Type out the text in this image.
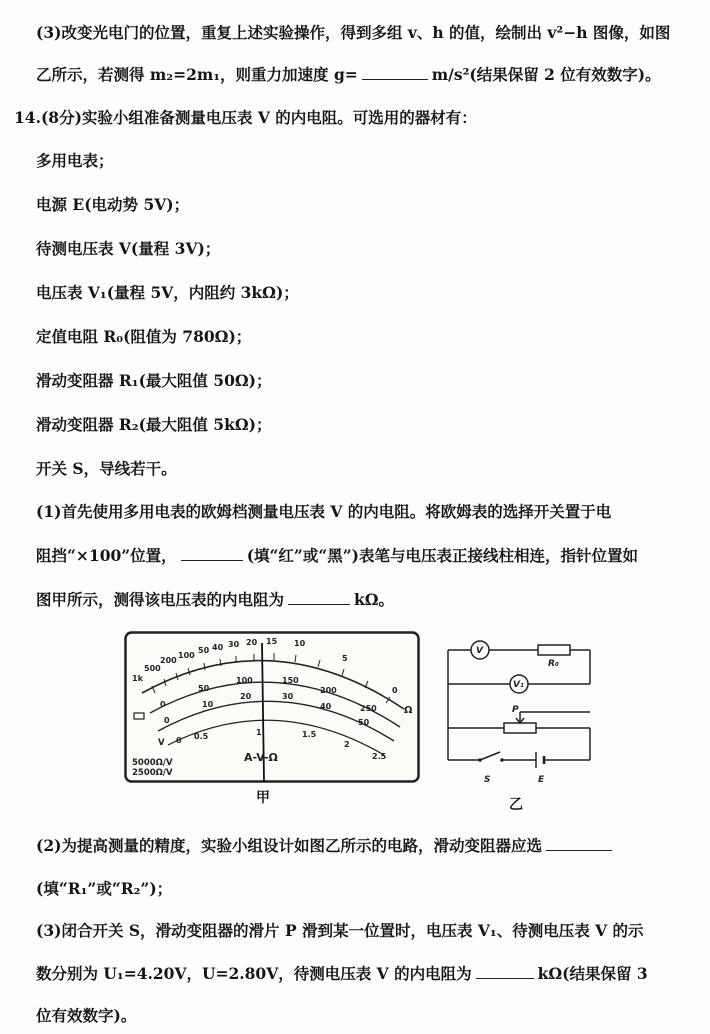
(3)改变光电门的位置，重复上述实验操作，得到多组 v、h 的值，绘制出 v²−h 图像，如图
乙所示，若测得 m₂=2m₁，则重力加速度 g=	m/s²(结果保留 2 位有效数字)。
14.(8分)实验小组准备测量电压表 V 的内电阻。可选用的器材有：
多用电表；
电源 E(电动势 5V)；
待测电压表 V(量程 3V)；
电压表 V₁(量程 5V，内阻约 3kΩ)；
定值电阻 R₀(阻值为 780Ω)；
滑动变阻器 R₁(最大阻值 50Ω)；
滑动变阻器 R₂(最大阻值 5kΩ)；
开关 S，导线若干。
(1)首先使用多用电表的欧姆档测量电压表 V 的内电阻。将欧姆表的选择开关置于电
阻挡“×100”位置，	(填“红”或“黑”)表笔与电压表正接线柱相连，指针位置如
图甲所示，测得该电压表的内电阻为	kΩ。
1k
500
200
100
50 40 30 20 15 10
5
0
Ω
0
50
100	150
200
250
0
10
20	30
40
50
0 0.5	1	1.5
2
2.5
V
5000Ω/V
2500Ω/V
A-V-Ω
甲
V
V₁
R₀
P
S	E
乙
(2)为提高测量的精度，实验小组设计如图乙所示的电路，滑动变阻器应选
(填“R₁”或“R₂”)；
(3)闭合开关 S，滑动变阻器的滑片 P 滑到某一位置时，电压表 V₁、待测电压表 V 的示
数分别为 U₁=4.20V，U=2.80V，待测电压表 V 的内电阻为	kΩ(结果保留 3
位有效数字)。
